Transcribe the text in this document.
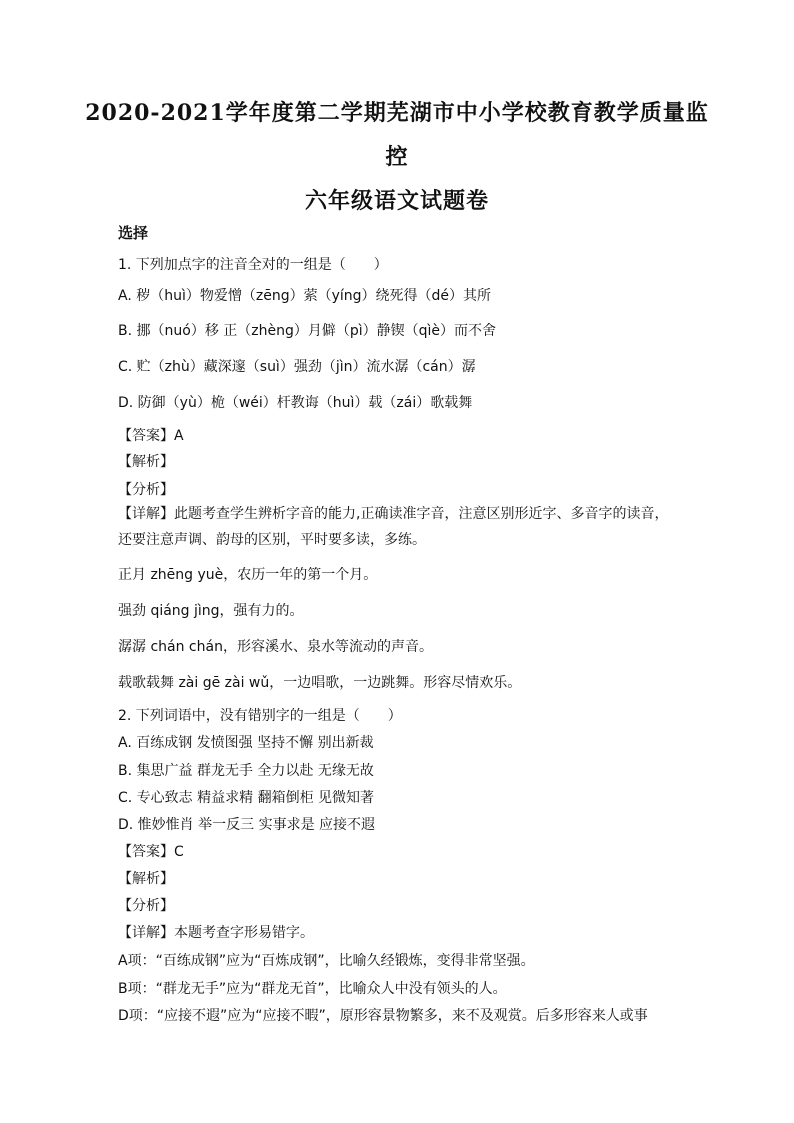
2020-2021学年度第二学期芜湖市中小学校教育教学质量监
控
六年级语文试题卷
选择
1. 下列加点字的注音全对的一组是（　　）
A. 秽（huì）物爱憎（zēng）萦（yíng）绕死得（dé）其所
B. 挪（nuó）移 正（zhèng）月僻（pì）静锲（qìè）而不舍
C. 贮（zhù）藏深邃（suì）强劲（jìn）流水潺（cán）潺
D. 防御（yù）桅（wéi）杆教诲（huì）载（zái）歌载舞
【答案】A
【解析】
【分析】
【详解】此题考查学生辨析字音的能力,正确读准字音，注意区别形近字、多音字的读音，还要注意声调、韵母的区别，平时要多读，多练。
正月 zhēng yuè，农历一年的第一个月。
强劲 qiáng jìng，强有力的。
潺潺 chán chán，形容溪水、泉水等流动的声音。
载歌载舞 zài gē zài wǔ，一边唱歌，一边跳舞。形容尽情欢乐。
2. 下列词语中，没有错别字的一组是（　　）
A. 百练成钢 发愤图强 坚持不懈 别出新裁
B. 集思广益 群龙无手 全力以赴 无缘无故
C. 专心致志 精益求精 翻箱倒柜 见微知著
D. 惟妙惟肖 举一反三 实事求是 应接不遐
【答案】C
【解析】
【分析】
【详解】本题考查字形易错字。
A项：“百练成钢”应为“百炼成钢”，比喻久经锻炼，变得非常坚强。
B项：“群龙无手”应为“群龙无首”，比喻众人中没有领头的人。
D项：“应接不遐”应为“应接不暇”，原形容景物繁多，来不及观赏。后多形容来人或事
